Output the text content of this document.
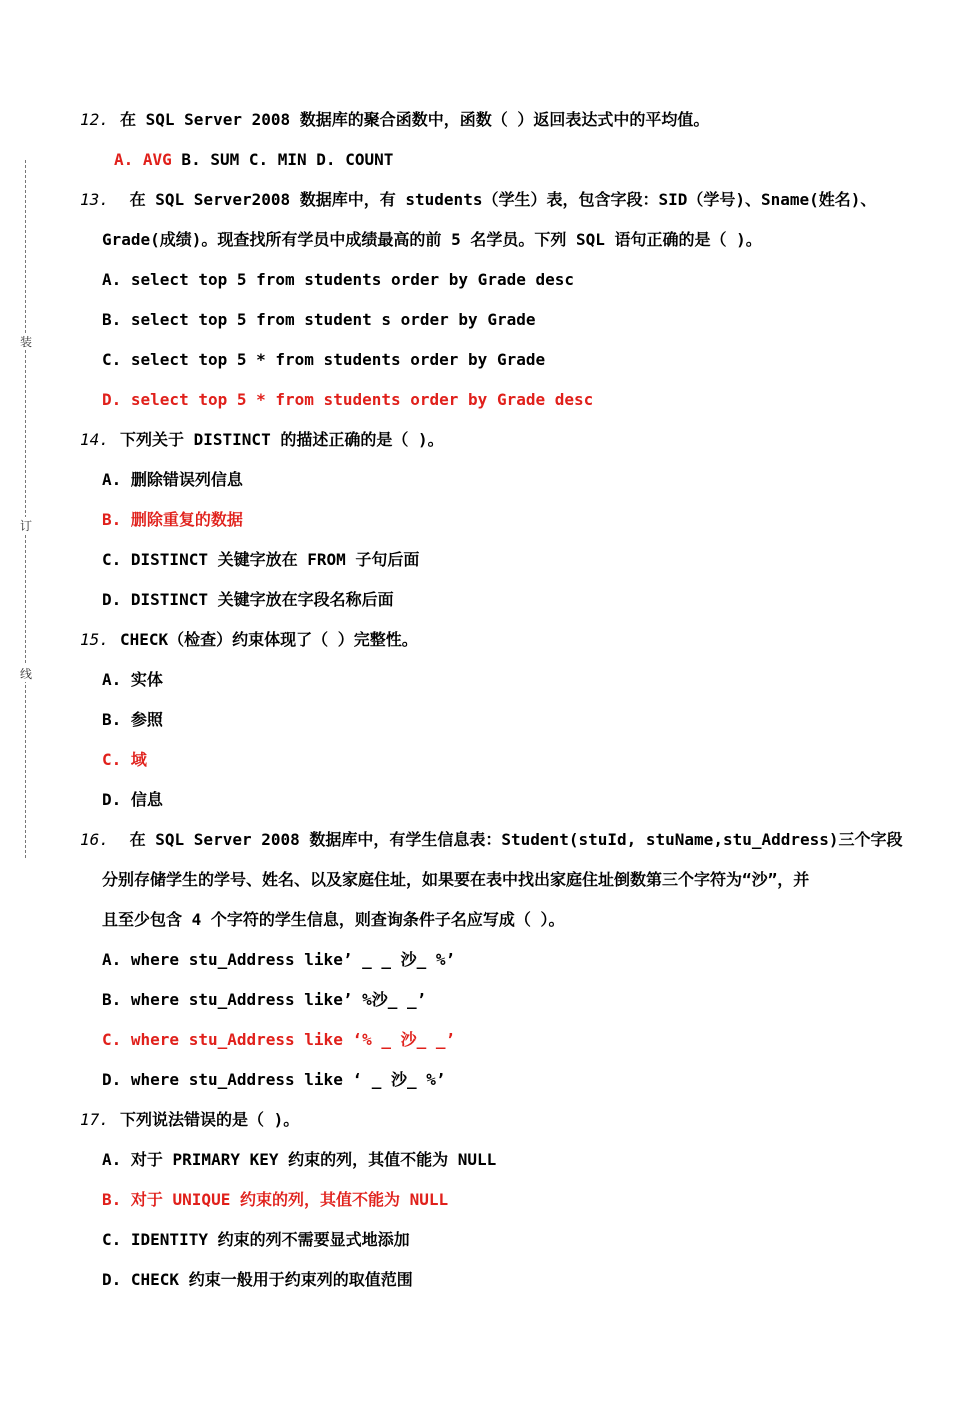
装
订
线
12. 在 SQL Server 2008 数据库的聚合函数中，函数（ ）返回表达式中的平均值。
A. AVG B. SUM C. MIN D. COUNT
13. 在 SQL Server2008 数据库中，有 students（学生）表，包含字段：SID（学号)、Sname(姓名)、
Grade(成绩)。现查找所有学员中成绩最高的前 5 名学员。下列 SQL 语句正确的是（ )。
A. select top 5 from students order by Grade desc
B. select top 5 from student s order by Grade
C. select top 5 * from students order by Grade
D. select top 5 * from students order by Grade desc
14. 下列关于 DISTINCT 的描述正确的是（ )。
A. 删除错误列信息
B. 删除重复的数据
C. DISTINCT 关键字放在 FROM 子句后面
D. DISTINCT 关键字放在字段名称后面
15. CHECK（检查）约束体现了（ ）完整性。
A. 实体
B. 参照
C. 域
D. 信息
16. 在 SQL Server 2008 数据库中，有学生信息表：Student(stuId, stuName,stu_Address)三个字段
分别存储学生的学号、姓名、以及家庭住址，如果要在表中找出家庭住址倒数第三个字符为“沙”，并
且至少包含 4 个字符的学生信息，则查询条件子名应写成（ ）。
A. where stu_Address like’ _ _ 沙_ %’
B. where stu_Address like’ %沙_ _’
C. where stu_Address like ‘% _ 沙_ _’
D. where stu_Address like ‘ _ 沙_ %’
17. 下列说法错误的是（ )。
A. 对于 PRIMARY KEY 约束的列，其值不能为 NULL
B. 对于 UNIQUE 约束的列，其值不能为 NULL
C. IDENTITY 约束的列不需要显式地添加
D. CHECK 约束一般用于约束列的取值范围
